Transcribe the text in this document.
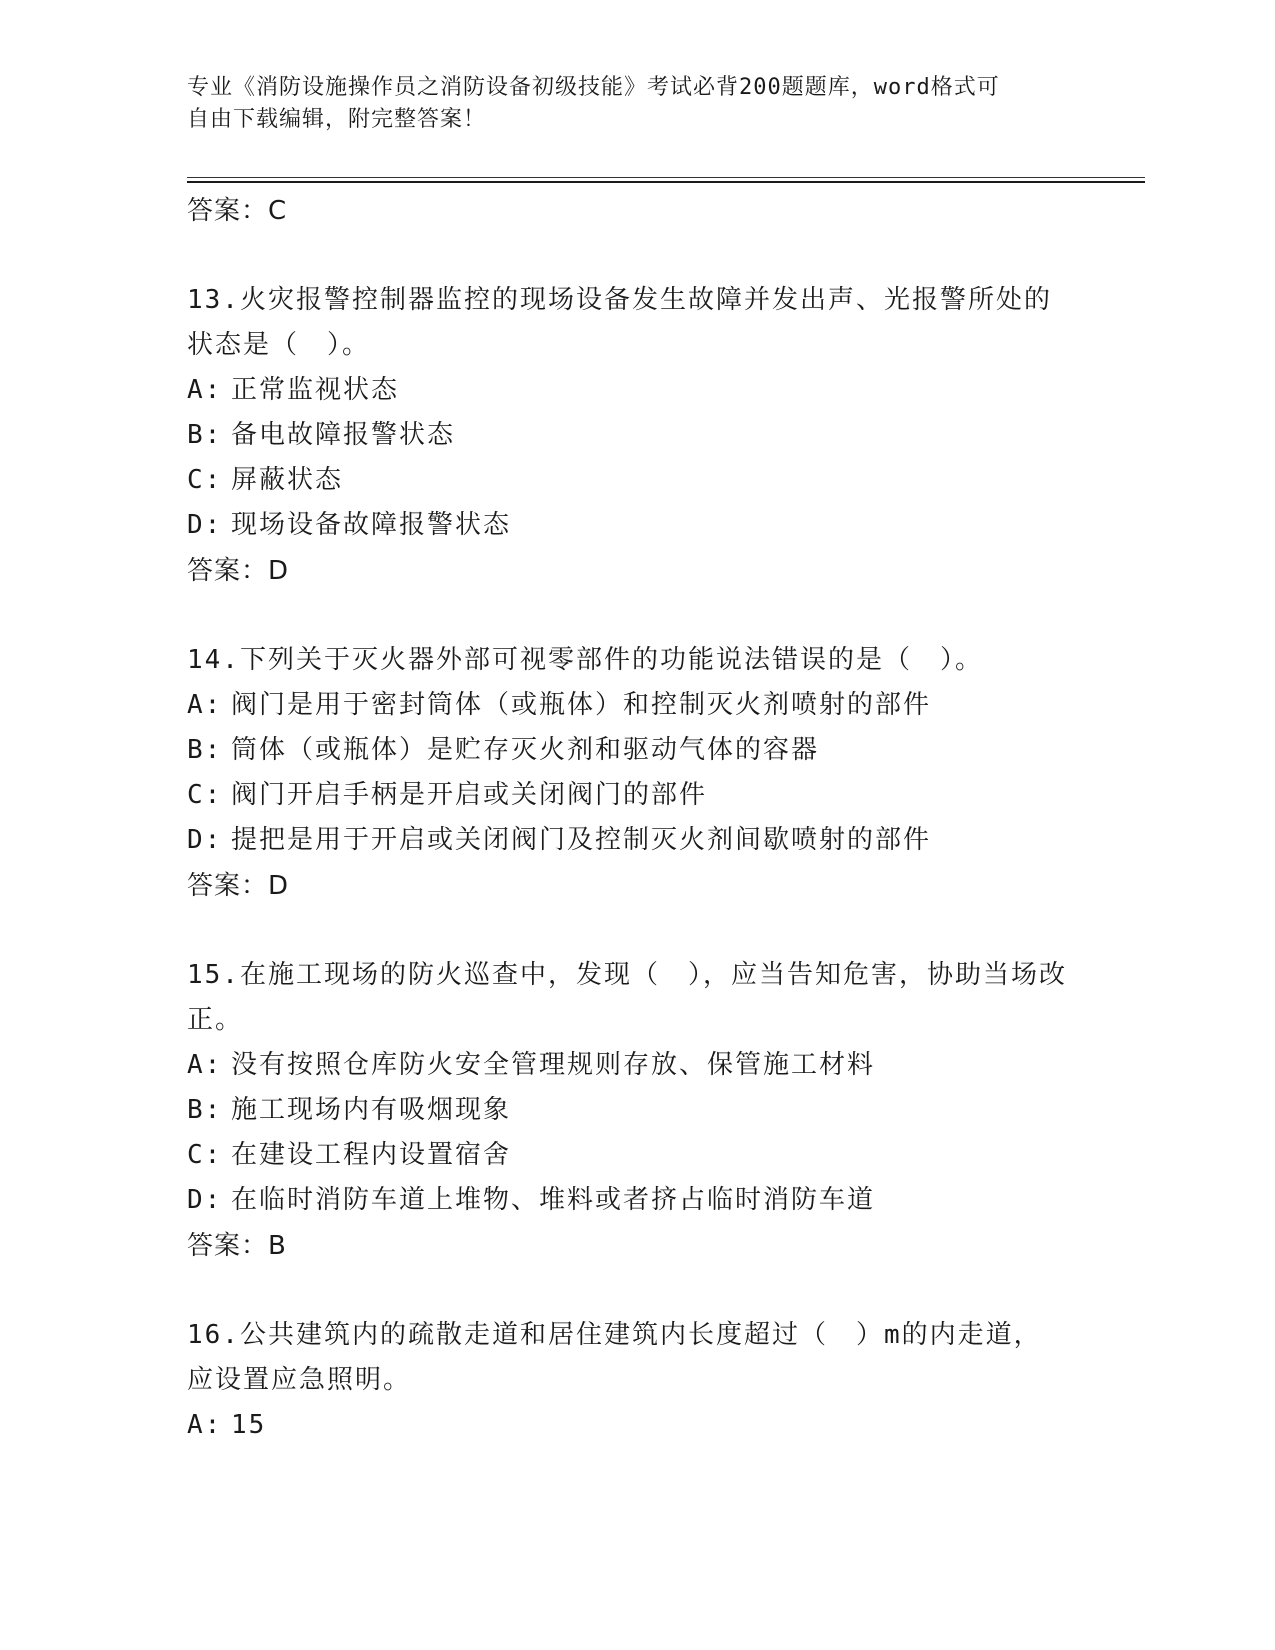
专业《消防设施操作员之消防设备初级技能》考试必背200题题库，word格式可
自由下载编辑，附完整答案！
答案：C
13.火灾报警控制器监控的现场设备发生故障并发出声、光报警所处的状态是（　）。
A: 正常监视状态
B: 备电故障报警状态
C: 屏蔽状态
D: 现场设备故障报警状态
答案：D
14.下列关于灭火器外部可视零部件的功能说法错误的是（　）。
A: 阀门是用于密封筒体（或瓶体）和控制灭火剂喷射的部件
B: 筒体（或瓶体）是贮存灭火剂和驱动气体的容器
C: 阀门开启手柄是开启或关闭阀门的部件
D: 提把是用于开启或关闭阀门及控制灭火剂间歇喷射的部件
答案：D
15.在施工现场的防火巡查中，发现（　），应当告知危害，协助当场改正。
A: 没有按照仓库防火安全管理规则存放、保管施工材料
B: 施工现场内有吸烟现象
C: 在建设工程内设置宿舍
D: 在临时消防车道上堆物、堆料或者挤占临时消防车道
答案：B
16.公共建筑内的疏散走道和居住建筑内长度超过（　）m的内走道，应设置应急照明。
A: 15
